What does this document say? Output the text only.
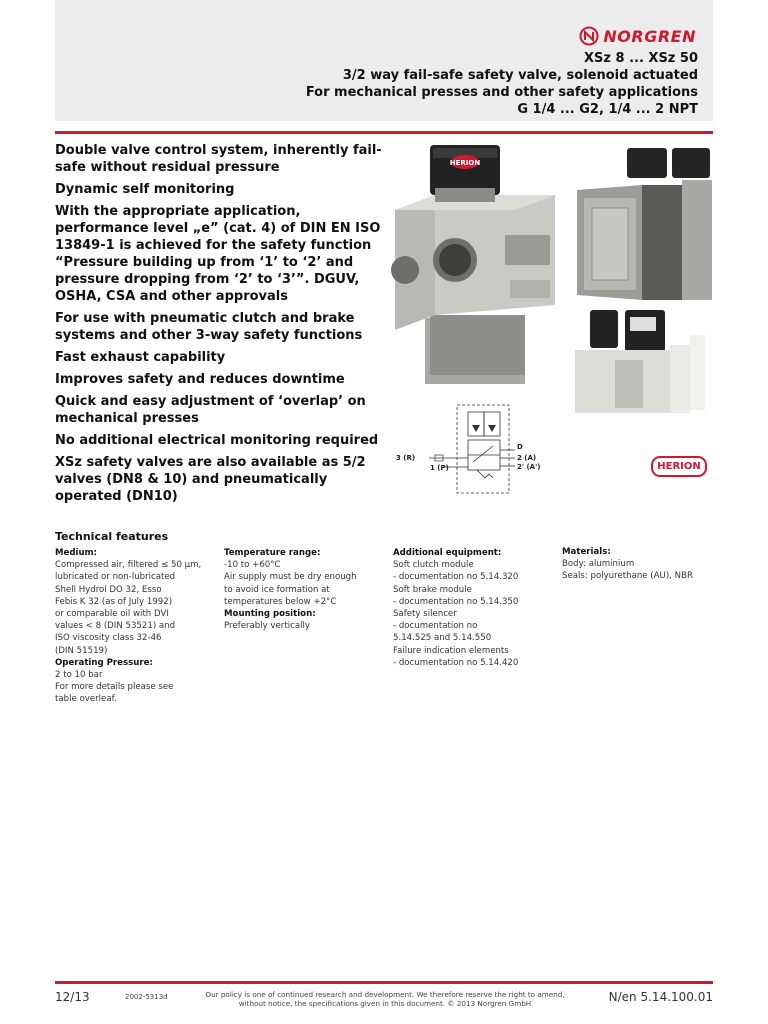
NORGREN
XSz 8 ... XSz 50
3/2 way fail-safe safety valve, solenoid actuated
For mechanical presses and other safety applications
G 1/4 ... G2, 1/4 ... 2 NPT

Double valve control system, inherently fail-safe without residual pressure

Dynamic self monitoring

With the appropriate application, performance level „e” (cat. 4) of DIN EN ISO 13849-1 is achieved for the safety function “Pressure building up from ‘1’ to ‘2’ and pressure dropping from ‘2’ to ‘3’”. DGUV, OSHA, CSA and other approvals

For use with pneumatic clutch and brake systems and other 3-way safety functions

Fast exhaust capability

Improves safety and reduces downtime

Quick and easy adjustment of ‘overlap’ on mechanical presses

No additional electrical monitoring required

XSz safety valves are also available as 5/2 valves (DN8 & 10) and pneumatically operated (DN10)

HERION
3 (R)
1 (P)
D
2 (A)
2' (A')	HERION
Technical features
Medium:
Compressed air, filtered ≤ 50 µm,
lubricated or non-lubricated
Shell Hydrol DO 32, Esso
Febis K 32 (as of July 1992)
or comparable oil with DVI
values < 8 (DIN 53521) and
ISO viscosity class 32-46
(DIN 51519)
Operating Pressure:
2 to 10 bar
For more details please see
table overleaf.
Temperature range:
-10 to +60°C
Air supply must be dry enough
to avoid ice formation at
temperatures below +2°C
Mounting position:
Preferably vertically
Additional equipment:
Soft clutch module
- documentation no 5.14.320
Soft brake module
- documentation no 5.14.350
Safety silencer
- documentation no
5.14.525 and 5.14.550
Failure indication elements
- documentation no 5.14.420
Materials:
Body: aluminium
Seals: polyurethane (AU), NBR
12/13	2002-5313d	Our policy is one of continued research and development. We therefore reserve the right to amend,
without notice, the specifications given in this document. © 2013 Norgren GmbH	N/en 5.14.100.01
